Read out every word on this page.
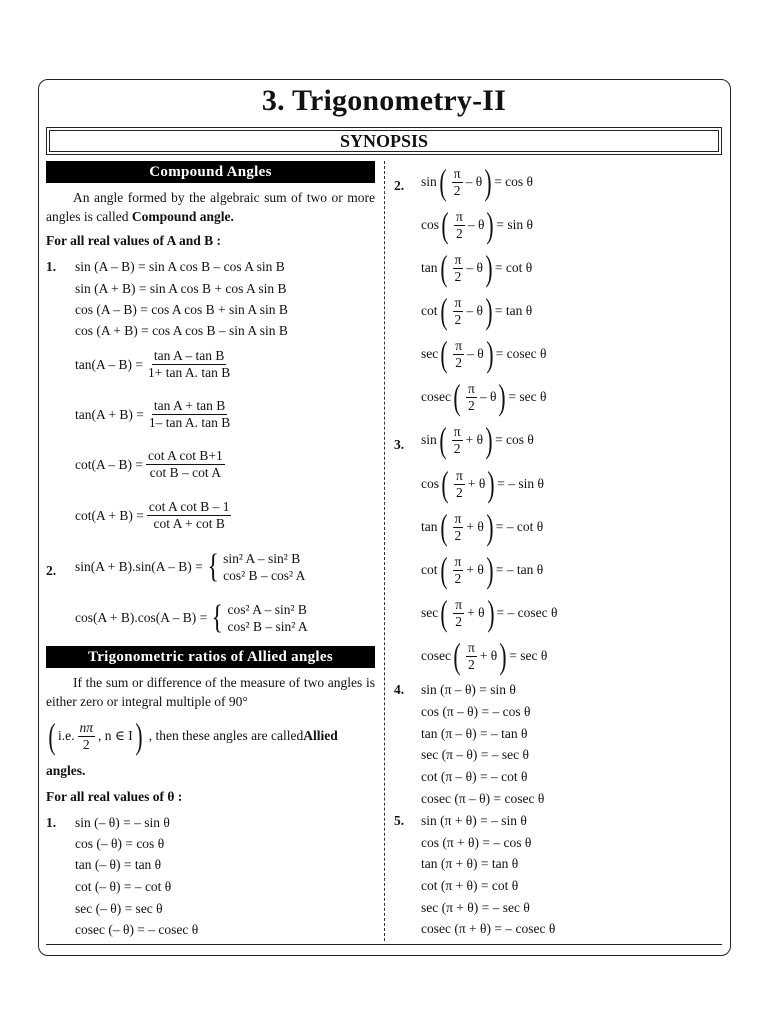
3. Trigonometry-II
SYNOPSIS
Compound Angles
An angle formed by the algebraic sum of two or more angles is called Compound angle.
For all real values of A and B :
1. sin (A – B) = sin A cos B – cos A sin B
sin (A + B) = sin A cos B + cos A sin B
cos (A – B) = cos A cos B + sin A sin B
cos (A + B) = cos A cos B – sin A sin B
$\tan(A - B) = \frac{\text{tan A – tan B}}{\text{1+ tan A. tan B}}$
$\tan(A + B) = \frac{\text{tan A + tan B}}{\text{1– tan A. tan B}}$
$\cot(A - B) = \frac{\text{cot A cot B+1}}{\text{cot B – cot A}}$
$\cot(A + B) = \frac{\text{cot A cot B – 1}}{\text{cot A + cot B}}$
2. sin(A + B).sin(A – B) = { sin² A – sin² B
cos² B – cos² A
cos(A + B).cos(A – B) = { cos² A – sin² B
cos² B – sin² A
Trigonometric ratios of Allied angles
If the sum or difference of the measure of two angles is either zero or integral multiple of 90°
( i.e. $\frac{n\pi}{2}$ , n ∈ I ) , then these angles are called Allied
angles.
For all real values of θ :
1. sin (– θ) = – sin θ
cos (– θ) = cos θ
tan (– θ) = tan θ
cot (– θ) = – cot θ
sec (– θ) = sec θ
cosec (– θ) = – cosec θ
2. sin ( $\frac{\pi}{2}$ – θ ) = cos θ
cos ( $\frac{\pi}{2}$ – θ ) = sin θ
tan ( $\frac{\pi}{2}$ – θ ) = cot θ
cot ( $\frac{\pi}{2}$ – θ ) = tan θ
sec ( $\frac{\pi}{2}$ – θ ) = cosec θ
cosec ( $\frac{\pi}{2}$ – θ ) = sec θ
3. sin ( $\frac{\pi}{2} + \theta$ ) = cos θ
cos ( $\frac{\pi}{2} + \theta$ ) = – sin θ
tan ( $\frac{\pi}{2} + \theta$ ) = – cot θ
cot ( $\frac{\pi}{2} + \theta$ ) = – tan θ
sec ( $\frac{\pi}{2} + \theta$ ) = – cosec θ
cosec ( $\frac{\pi}{2} + \theta$ ) = sec θ
4. sin (π – θ) = sin θ
cos (π – θ) = – cos θ
tan (π – θ) = – tan θ
sec (π – θ) = – sec θ
cot (π – θ) = – cot θ
cosec (π – θ) = cosec θ
5. sin (π + θ) = – sin θ
cos (π + θ) = – cos θ
tan (π + θ) = tan θ
cot (π + θ) = cot θ
sec (π + θ) = – sec θ
cosec (π + θ) = – cosec θ
